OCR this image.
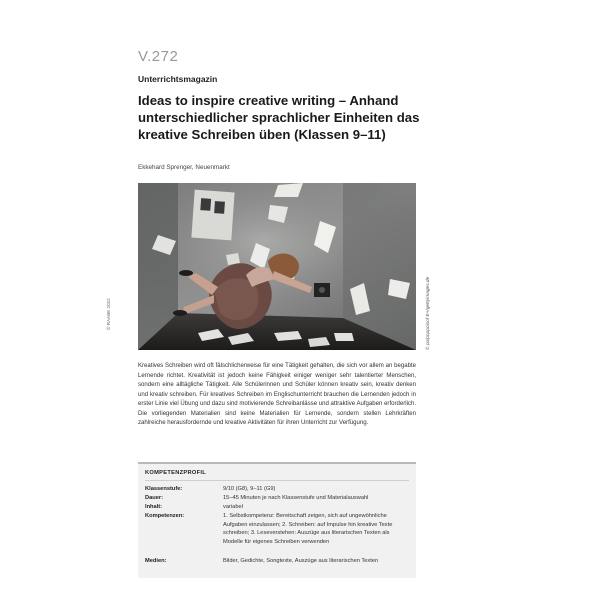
V.272
Unterrichtsmagazin
Ideas to inspire creative writing – Anhand unterschiedlicher sprachlicher Einheiten das kreative Schreiben üben (Klassen 9–11)
Ekkehard Sprenger, Neuenmarkt
© pulpoppoisof E+/gettyimages.de
© RAABE 2022
Kreatives Schreiben wird oft fälschlicherweise für eine Tätigkeit gehalten, die sich vor allem an begabte Lernende richtet. Kreativität ist jedoch keine Fähigkeit einiger weniger sehr talentierter Menschen, sondern eine alltägliche Tätigkeit. Alle Schülerinnen und Schüler können kreativ sein, kreativ denken und kreativ schreiben. Für kreatives Schreiben im Englischunterricht brauchen die Lernenden jedoch in erster Linie viel Übung und dazu sind motivierende Schreibanlässe und attraktive Aufgaben erforderlich. Die vorliegenden Materialien sind keine Materialien für Lernende, sondern stellen Lehrkräften zahlreiche herausfordernde und kreative Aktivitäten für ihren Unterricht zur Verfügung.
KOMPETENZPROFIL
Klassenstufe:	9/10 (G8), 9–11 (G9)
Dauer:	15–45 Minuten je nach Klassenstufe und Materialauswahl
Inhalt:	variabel
Kompetenzen:	1. Selbstkompetenz: Bereitschaft zeigen, sich auf ungewöhnliche Aufgaben einzulassen; 2. Schreiben: auf Impulse hin kreative Texte schreiben; 3. Leseverstehen: Auszüge aus literarischen Texten als Modelle für eigenes Schreiben verwenden
Medien:	Bilder, Gedichte, Songtexte, Auszüge aus literarischen Texten
